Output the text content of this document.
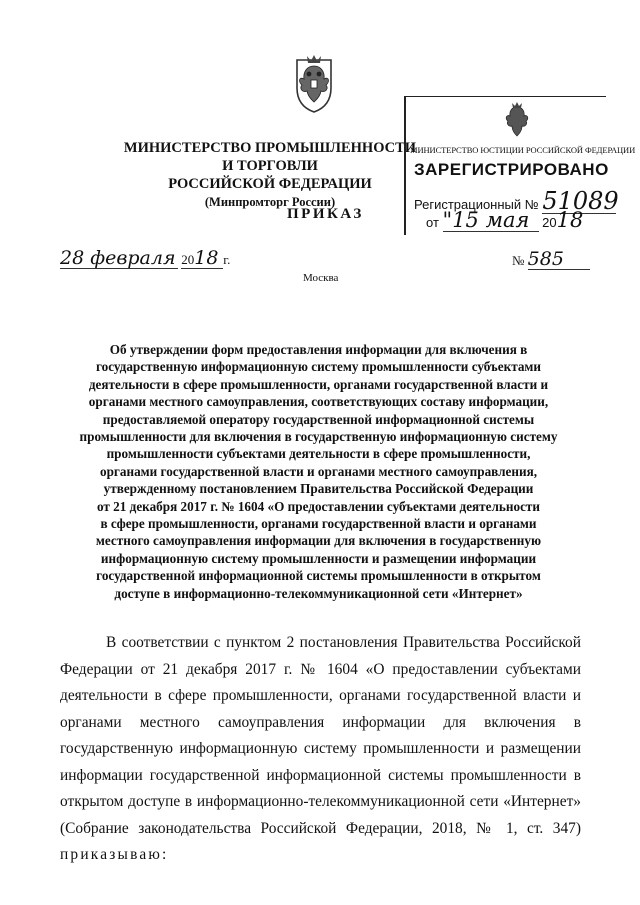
МИНИСТЕРСТВО ПРОМЫШЛЕННОСТИ И ТОРГОВЛИ
РОССИЙСКОЙ ФЕДЕРАЦИИ
(Минпромторг России)
МИНИСТЕРСТВО ЮСТИЦИИ РОССИЙСКОЙ ФЕДЕРАЦИИ
ЗАРЕГИСТРИРОВАНО
Регистрационный № 51089
от "15 мая 2018
ПРИКАЗ
28 февраля 2018 г.	№ 585
Москва
Об утверждении форм предоставления информации для включения в
государственную информационную систему промышленности субъектами
деятельности в сфере промышленности, органами государственной власти и
органами местного самоуправления, соответствующих составу информации,
предоставляемой оператору государственной информационной системы
промышленности для включения в государственную информационную систему
промышленности субъектами деятельности в сфере промышленности,
органами государственной власти и органами местного самоуправления,
утвержденному постановлением Правительства Российской Федерации
от 21 декабря 2017 г. № 1604 «О предоставлении субъектами деятельности
в сфере промышленности, органами государственной власти и органами
местного самоуправления информации для включения в государственную
информационную систему промышленности и размещении информации
государственной информационной системы промышленности в открытом
доступе в информационно-телекоммуникационной сети «Интернет»
В соответствии с пунктом 2 постановления Правительства Российской Федерации от 21 декабря 2017 г. № 1604 «О предоставлении субъектами деятельности в сфере промышленности, органами государственной власти и органами местного самоуправления информации для включения в государственную информационную систему промышленности и размещении информации государственной информационной системы промышленности в открытом доступе в информационно-телекоммуникационной сети «Интернет» (Собрание законодательства Российской Федерации, 2018, № 1, ст. 347) приказываю:
